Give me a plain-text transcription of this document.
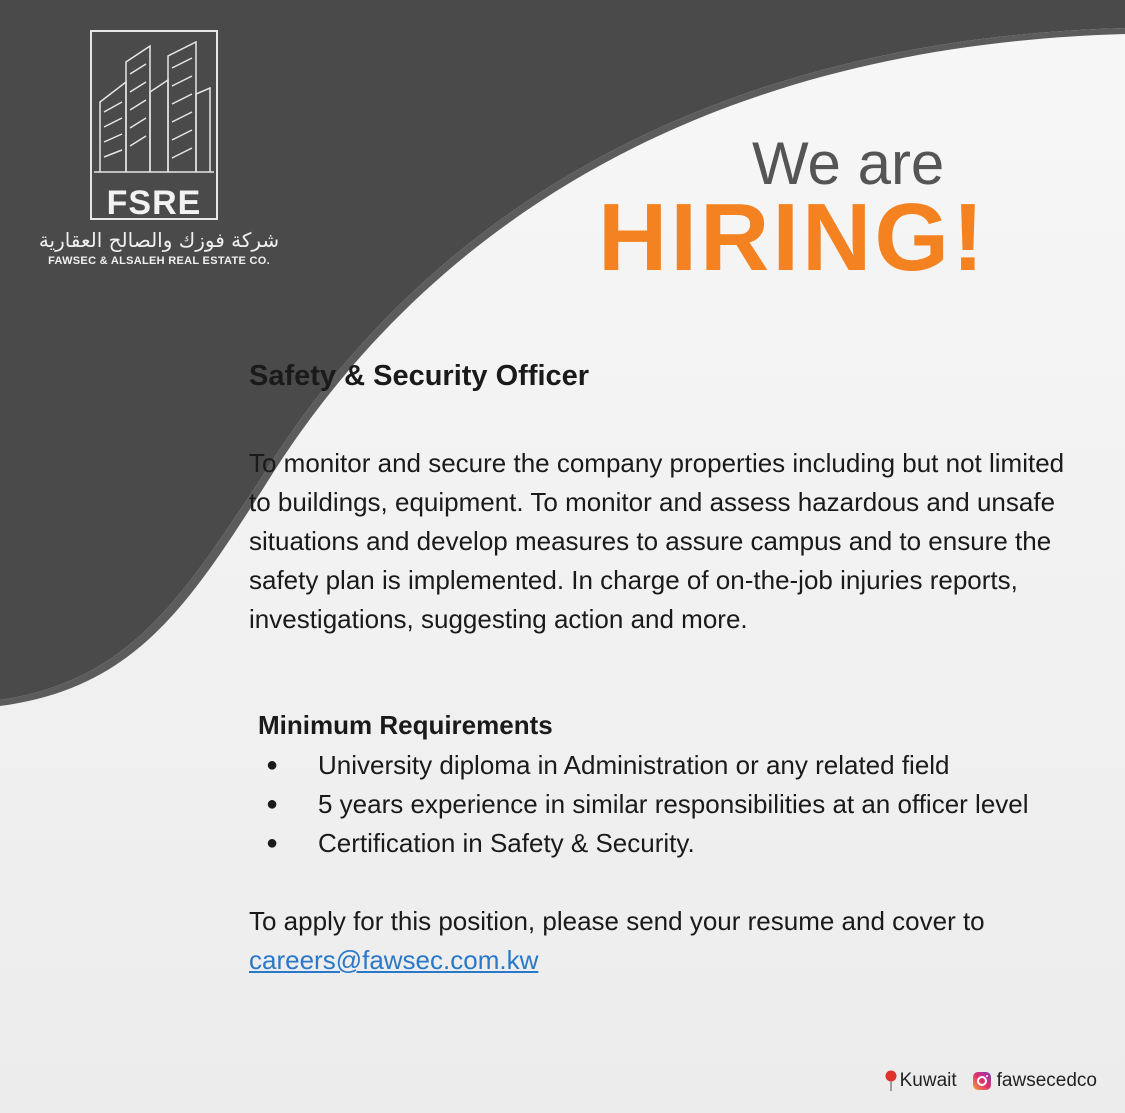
FSRE
شركة فوزك والصالح العقارية
FAWSEC & ALSALEH REAL ESTATE CO.
We are
HIRING!
Safety & Security Officer

To monitor and secure the company properties including but not limited to buildings, equipment. To monitor and assess hazardous and unsafe situations and develop measures to assure campus and to ensure the safety plan is implemented. In charge of on-the-job injuries reports, investigations, suggesting action and more.

Minimum Requirements
● University diploma in Administration or any related field
● 5 years experience in similar responsibilities at an officer level
● Certification in Safety & Security.
To apply for this position, please send your resume and cover to
careers@fawsec.com.kw
Kuwait fawsecedco
